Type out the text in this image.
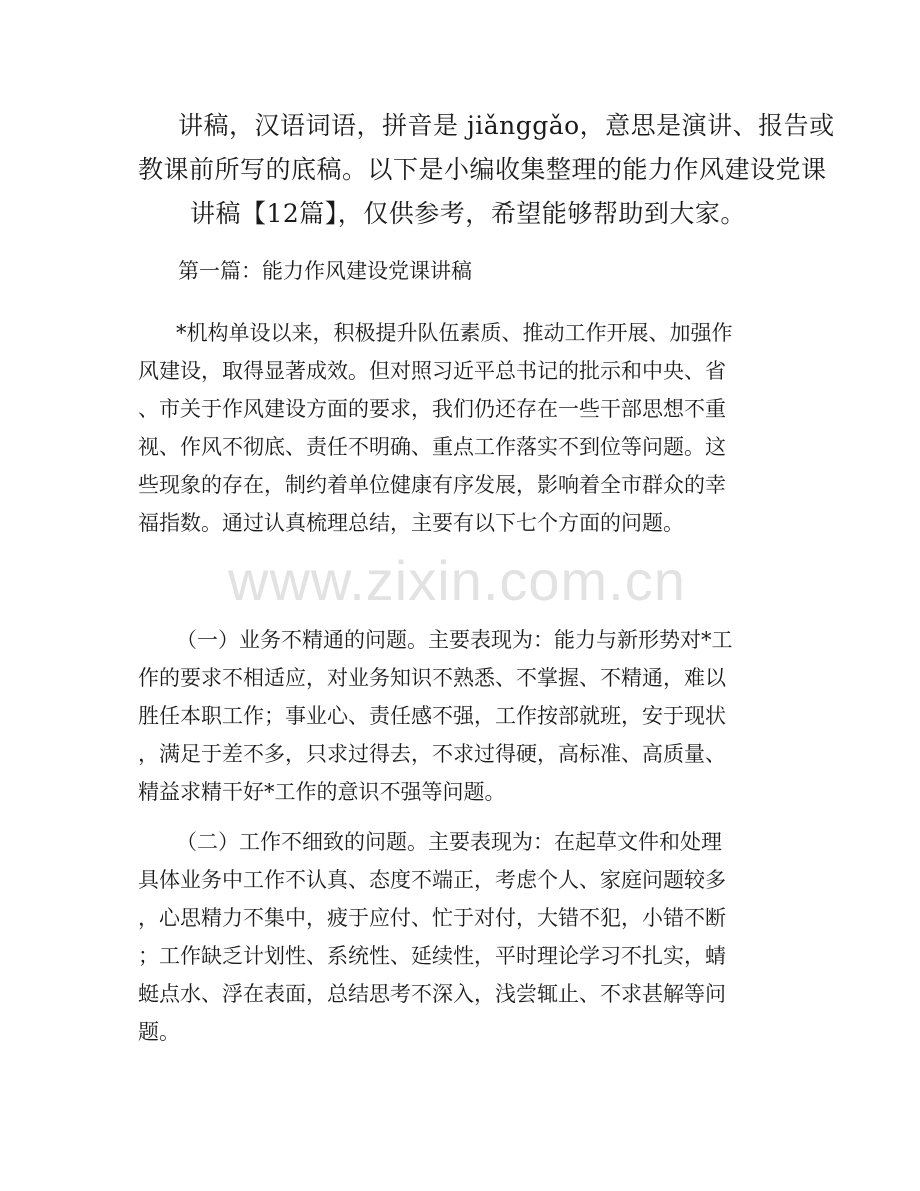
讲稿，汉语词语，拼音是 jiǎnggǎo，意思是演讲、报告或

教课前所写的底稿。以下是小编收集整理的能力作风建设党课

讲稿【12篇】，仅供参考，希望能够帮助到大家。

第一篇：能力作风建设党课讲稿

*机构单设以来，积极提升队伍素质、推动工作开展、加强作
风建设，取得显著成效。但对照习近平总书记的批示和中央、省
、市关于作风建设方面的要求，我们仍还存在一些干部思想不重
视、作风不彻底、责任不明确、重点工作落实不到位等问题。这
些现象的存在，制约着单位健康有序发展，影响着全市群众的幸
福指数。通过认真梳理总结，主要有以下七个方面的问题。
（一）业务不精通的问题。主要表现为：能力与新形势对*工
作的要求不相适应，对业务知识不熟悉、不掌握、不精通，难以
胜任本职工作；事业心、责任感不强，工作按部就班，安于现状
，满足于差不多，只求过得去，不求过得硬，高标准、高质量、
精益求精干好*工作的意识不强等问题。
（二）工作不细致的问题。主要表现为：在起草文件和处理
具体业务中工作不认真、态度不端正，考虑个人、家庭问题较多
，心思精力不集中，疲于应付、忙于对付，大错不犯，小错不断
；工作缺乏计划性、系统性、延续性，平时理论学习不扎实，蜻
蜓点水、浮在表面，总结思考不深入，浅尝辄止、不求甚解等问
题。
www.zixin.com.cn
